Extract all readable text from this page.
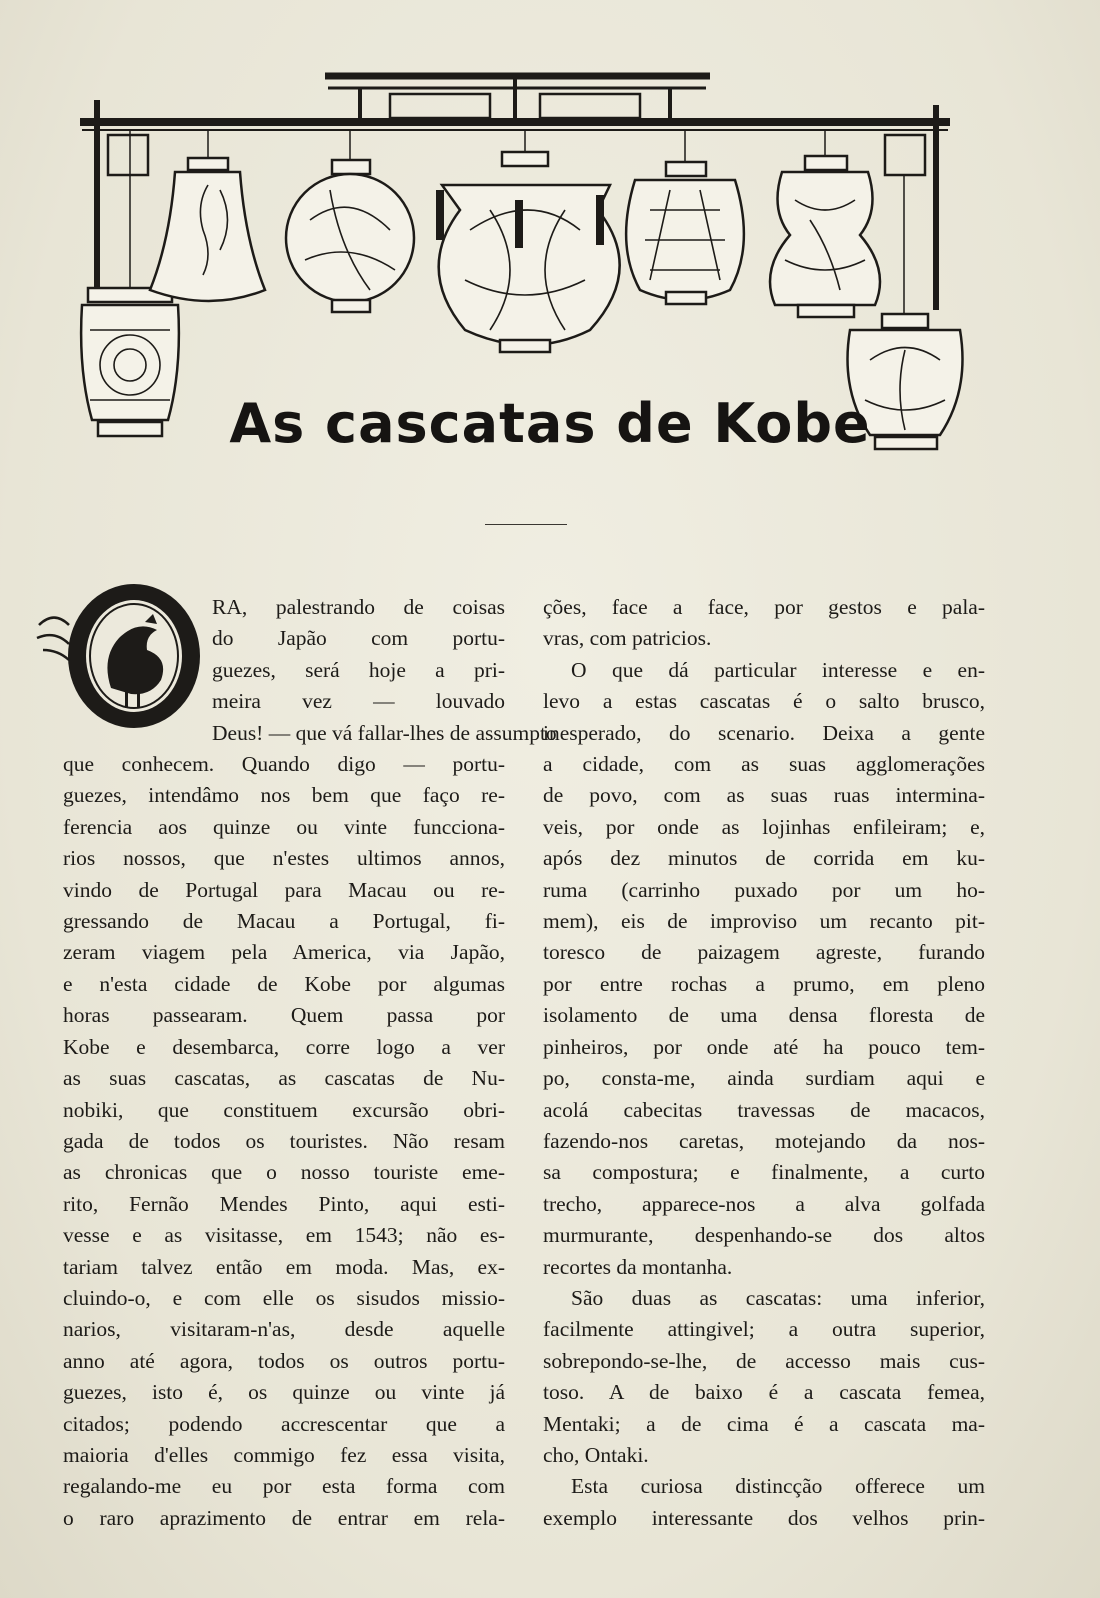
As cascatas de Kobe
RA, palestrando de coisas
do Japão com portu-
guezes, será hoje a pri-
meira vez — louvado
Deus! — que vá fallar-lhes de assumpto
que conhecem. Quando digo — portu-
guezes, intendâmo nos bem que faço re-
ferencia aos quinze ou vinte funcciona-
rios nossos, que n'estes ultimos annos,
vindo de Portugal para Macau ou re-
gressando de Macau a Portugal, fi-
zeram viagem pela America, via Japão,
e n'esta cidade de Kobe por algumas
horas passearam. Quem passa por
Kobe e desembarca, corre logo a ver
as suas cascatas, as cascatas de Nu-
nobiki, que constituem excursão obri-
gada de todos os touristes. Não resam
as chronicas que o nosso touriste eme-
rito, Fernão Mendes Pinto, aqui esti-
vesse e as visitasse, em 1543; não es-
tariam talvez então em moda. Mas, ex-
cluindo-o, e com elle os sisudos missio-
narios, visitaram-n'as, desde aquelle
anno até agora, todos os outros portu-
guezes, isto é, os quinze ou vinte já
citados; podendo accrescentar que a
maioria d'elles commigo fez essa visita,
regalando-me eu por esta forma com
o raro aprazimento de entrar em rela-

ções, face a face, por gestos e pala-
vras, com patricios.

O que dá particular interesse e en-
levo a estas cascatas é o salto brusco,
inesperado, do scenario. Deixa a gente
a cidade, com as suas agglomerações
de povo, com as suas ruas intermina-
veis, por onde as lojinhas enfileiram; e,
após dez minutos de corrida em ku-
ruma (carrinho puxado por um ho-
mem), eis de improviso um recanto pit-
toresco de paizagem agreste, furando
por entre rochas a prumo, em pleno
isolamento de uma densa floresta de
pinheiros, por onde até ha pouco tem-
po, consta-me, ainda surdiam aqui e
acolá cabecitas travessas de macacos,
fazendo-nos caretas, motejando da nos-
sa compostura; e finalmente, a curto
trecho, apparece-nos a alva golfada
murmurante, despenhando-se dos altos
recortes da montanha.

São duas as cascatas: uma inferior,
facilmente attingivel; a outra superior,
sobrepondo-se-lhe, de accesso mais cus-
toso. A de baixo é a cascata femea,
Mentaki; a de cima é a cascata ma-
cho, Ontaki.

Esta curiosa distincção offerece um
exemplo interessante dos velhos prin-
